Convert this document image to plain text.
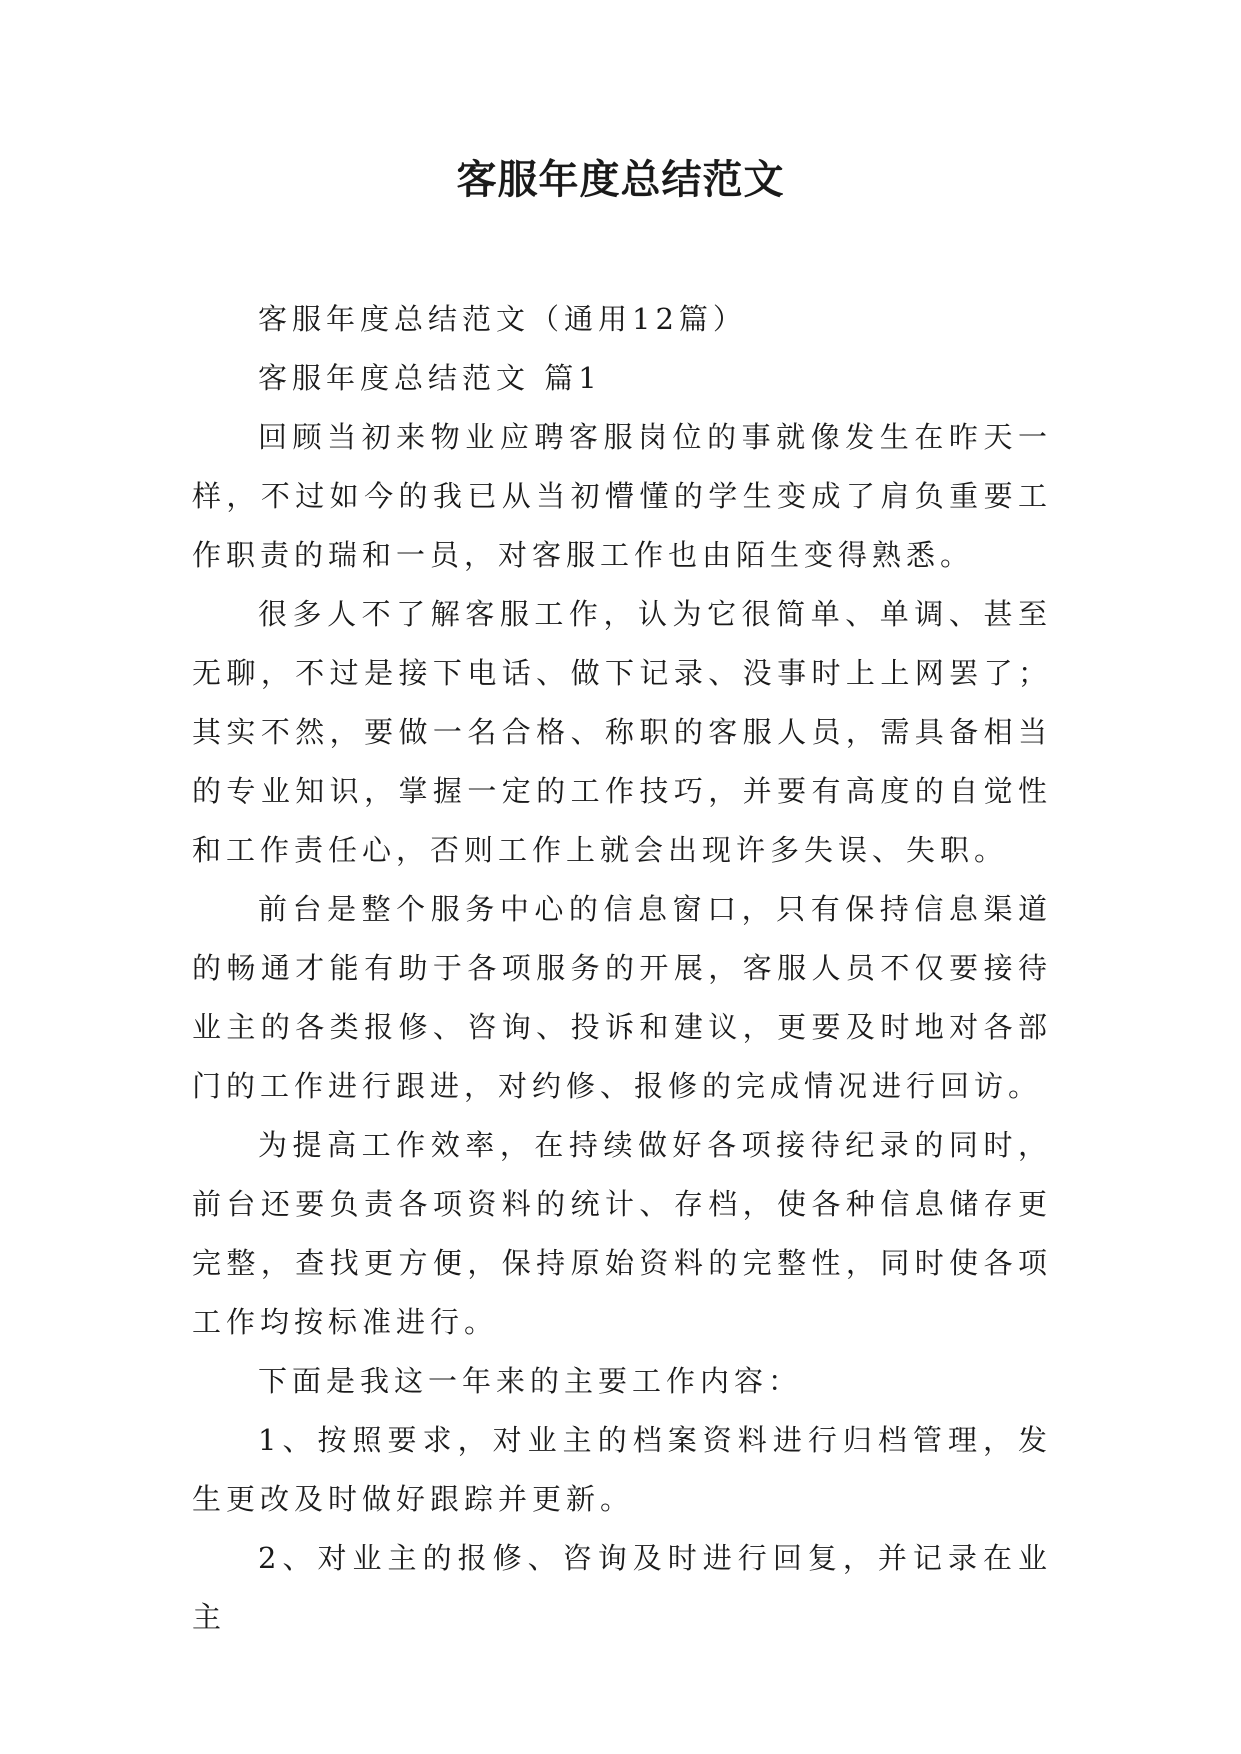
客服年度总结范文

客服年度总结范文（通用12篇）

客服年度总结范文 篇1

回顾当初来物业应聘客服岗位的事就像发生在昨天一样，不过如今的我已从当初懵懂的学生变成了肩负重要工作职责的瑞和一员，对客服工作也由陌生变得熟悉。

很多人不了解客服工作，认为它很简单、单调、甚至无聊，不过是接下电话、做下记录、没事时上上网罢了；其实不然，要做一名合格、称职的客服人员，需具备相当的专业知识，掌握一定的工作技巧，并要有高度的自觉性和工作责任心，否则工作上就会出现许多失误、失职。

前台是整个服务中心的信息窗口，只有保持信息渠道的畅通才能有助于各项服务的开展，客服人员不仅要接待业主的各类报修、咨询、投诉和建议，更要及时地对各部门的工作进行跟进，对约修、报修的完成情况进行回访。

为提高工作效率，在持续做好各项接待纪录的同时，前台还要负责各项资料的统计、存档，使各种信息储存更完整，查找更方便，保持原始资料的完整性，同时使各项工作均按标准进行。

下面是我这一年来的主要工作内容：

1、按照要求，对业主的档案资料进行归档管理，发生更改及时做好跟踪并更新。

2、对业主的报修、咨询及时进行回复，并记录在业主
